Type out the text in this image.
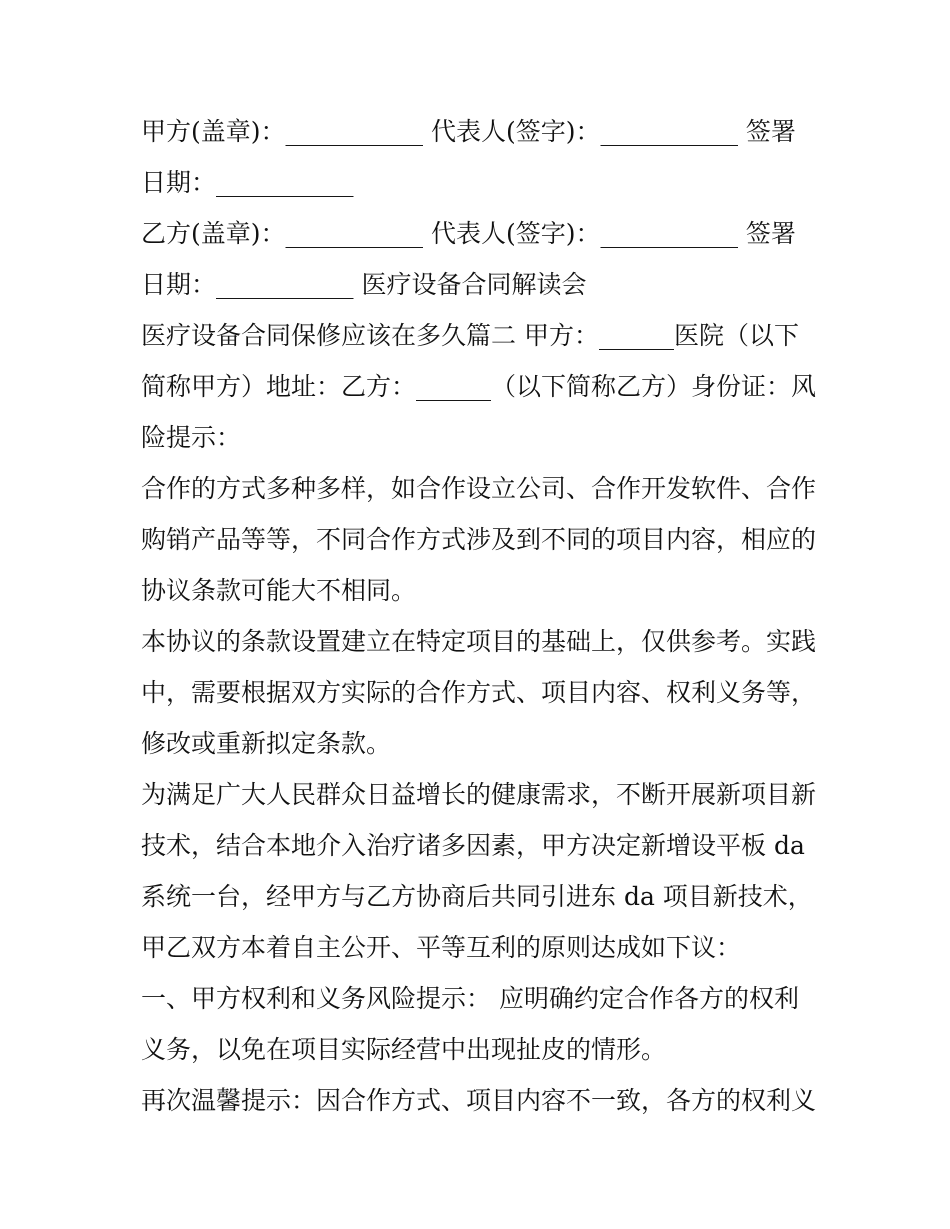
甲方(盖章)：___________ 代表人(签字)：___________ 签署
日期：___________
乙方(盖章)：___________ 代表人(签字)：___________ 签署
日期：___________ 医疗设备合同解读会
医疗设备合同保修应该在多久篇二 甲方：______医院（以下
简称甲方）地址：乙方：______（以下简称乙方）身份证：风
险提示：
合作的方式多种多样，如合作设立公司、合作开发软件、合作
购销产品等等，不同合作方式涉及到不同的项目内容，相应的
协议条款可能大不相同。
本协议的条款设置建立在特定项目的基础上，仅供参考。实践
中，需要根据双方实际的合作方式、项目内容、权利义务等，
修改或重新拟定条款。
为满足广大人民群众日益增长的健康需求，不断开展新项目新
技术，结合本地介入治疗诸多因素，甲方决定新增设平板 da
系统一台，经甲方与乙方协商后共同引进东 da 项目新技术，
甲乙双方本着自主公开、平等互利的原则达成如下议：
一、甲方权利和义务风险提示： 应明确约定合作各方的权利
义务，以免在项目实际经营中出现扯皮的情形。
再次温馨提示：因合作方式、项目内容不一致，各方的权利义
